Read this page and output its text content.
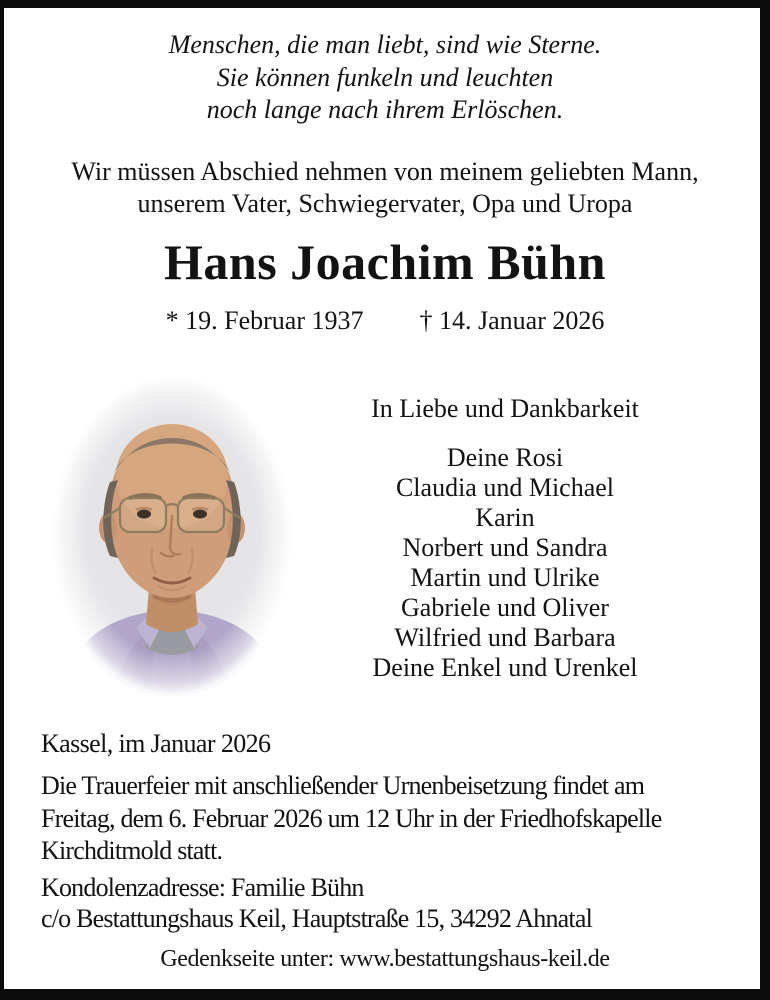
Menschen, die man liebt, sind wie Sterne.
Sie können funkeln und leuchten
noch lange nach ihrem Erlöschen.
Wir müssen Abschied nehmen von meinem geliebten Mann,
unserem Vater, Schwiegervater, Opa und Uropa
Hans Joachim Bühn
* 19. Februar 1937 † 14. Januar 2026

In Liebe und Dankbarkeit

Deine Rosi
Claudia und Michael
Karin
Norbert und Sandra
Martin und Ulrike
Gabriele und Oliver
Wilfried und Barbara
Deine Enkel und Urenkel
Kassel, im Januar 2026
Die Trauerfeier mit anschließender Urnenbeisetzung findet am
Freitag, dem 6. Februar 2026 um 12 Uhr in der Friedhofskapelle
Kirchditmold statt.
Kondolenzadresse: Familie Bühn
c/o Bestattungshaus Keil, Hauptstraße 15, 34292 Ahnatal
Gedenkseite unter: www.bestattungshaus-keil.de
